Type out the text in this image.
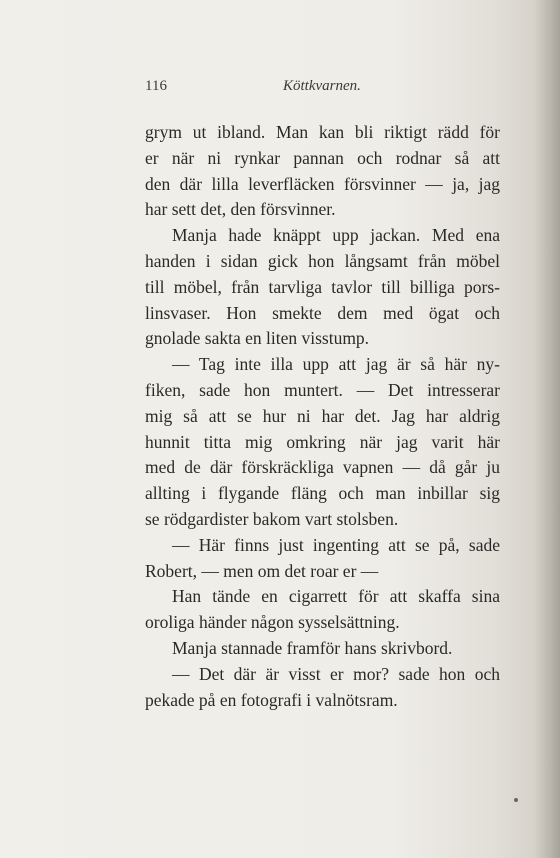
116	Köttkvarnen.
grym ut ibland. Man kan bli riktigt rädd för
er när ni rynkar pannan och rodnar så att
den där lilla leverfläcken försvinner — ja, jag
har sett det, den försvinner.
Manja hade knäppt upp jackan. Med ena
handen i sidan gick hon långsamt från möbel
till möbel, från tarvliga tavlor till billiga pors-
linsvaser. Hon smekte dem med ögat och
gnolade sakta en liten visstump.
— Tag inte illa upp att jag är så här ny-
fiken, sade hon muntert. — Det intresserar
mig så att se hur ni har det. Jag har aldrig
hunnit titta mig omkring när jag varit här
med de där förskräckliga vapnen — då går ju
allting i flygande fläng och man inbillar sig
se rödgardister bakom vart stolsben.
— Här finns just ingenting att se på, sade
Robert, — men om det roar er —
Han tände en cigarrett för att skaffa sina
oroliga händer någon sysselsättning.
Manja stannade framför hans skrivbord.
— Det där är visst er mor? sade hon och
pekade på en fotografi i valnötsram.
